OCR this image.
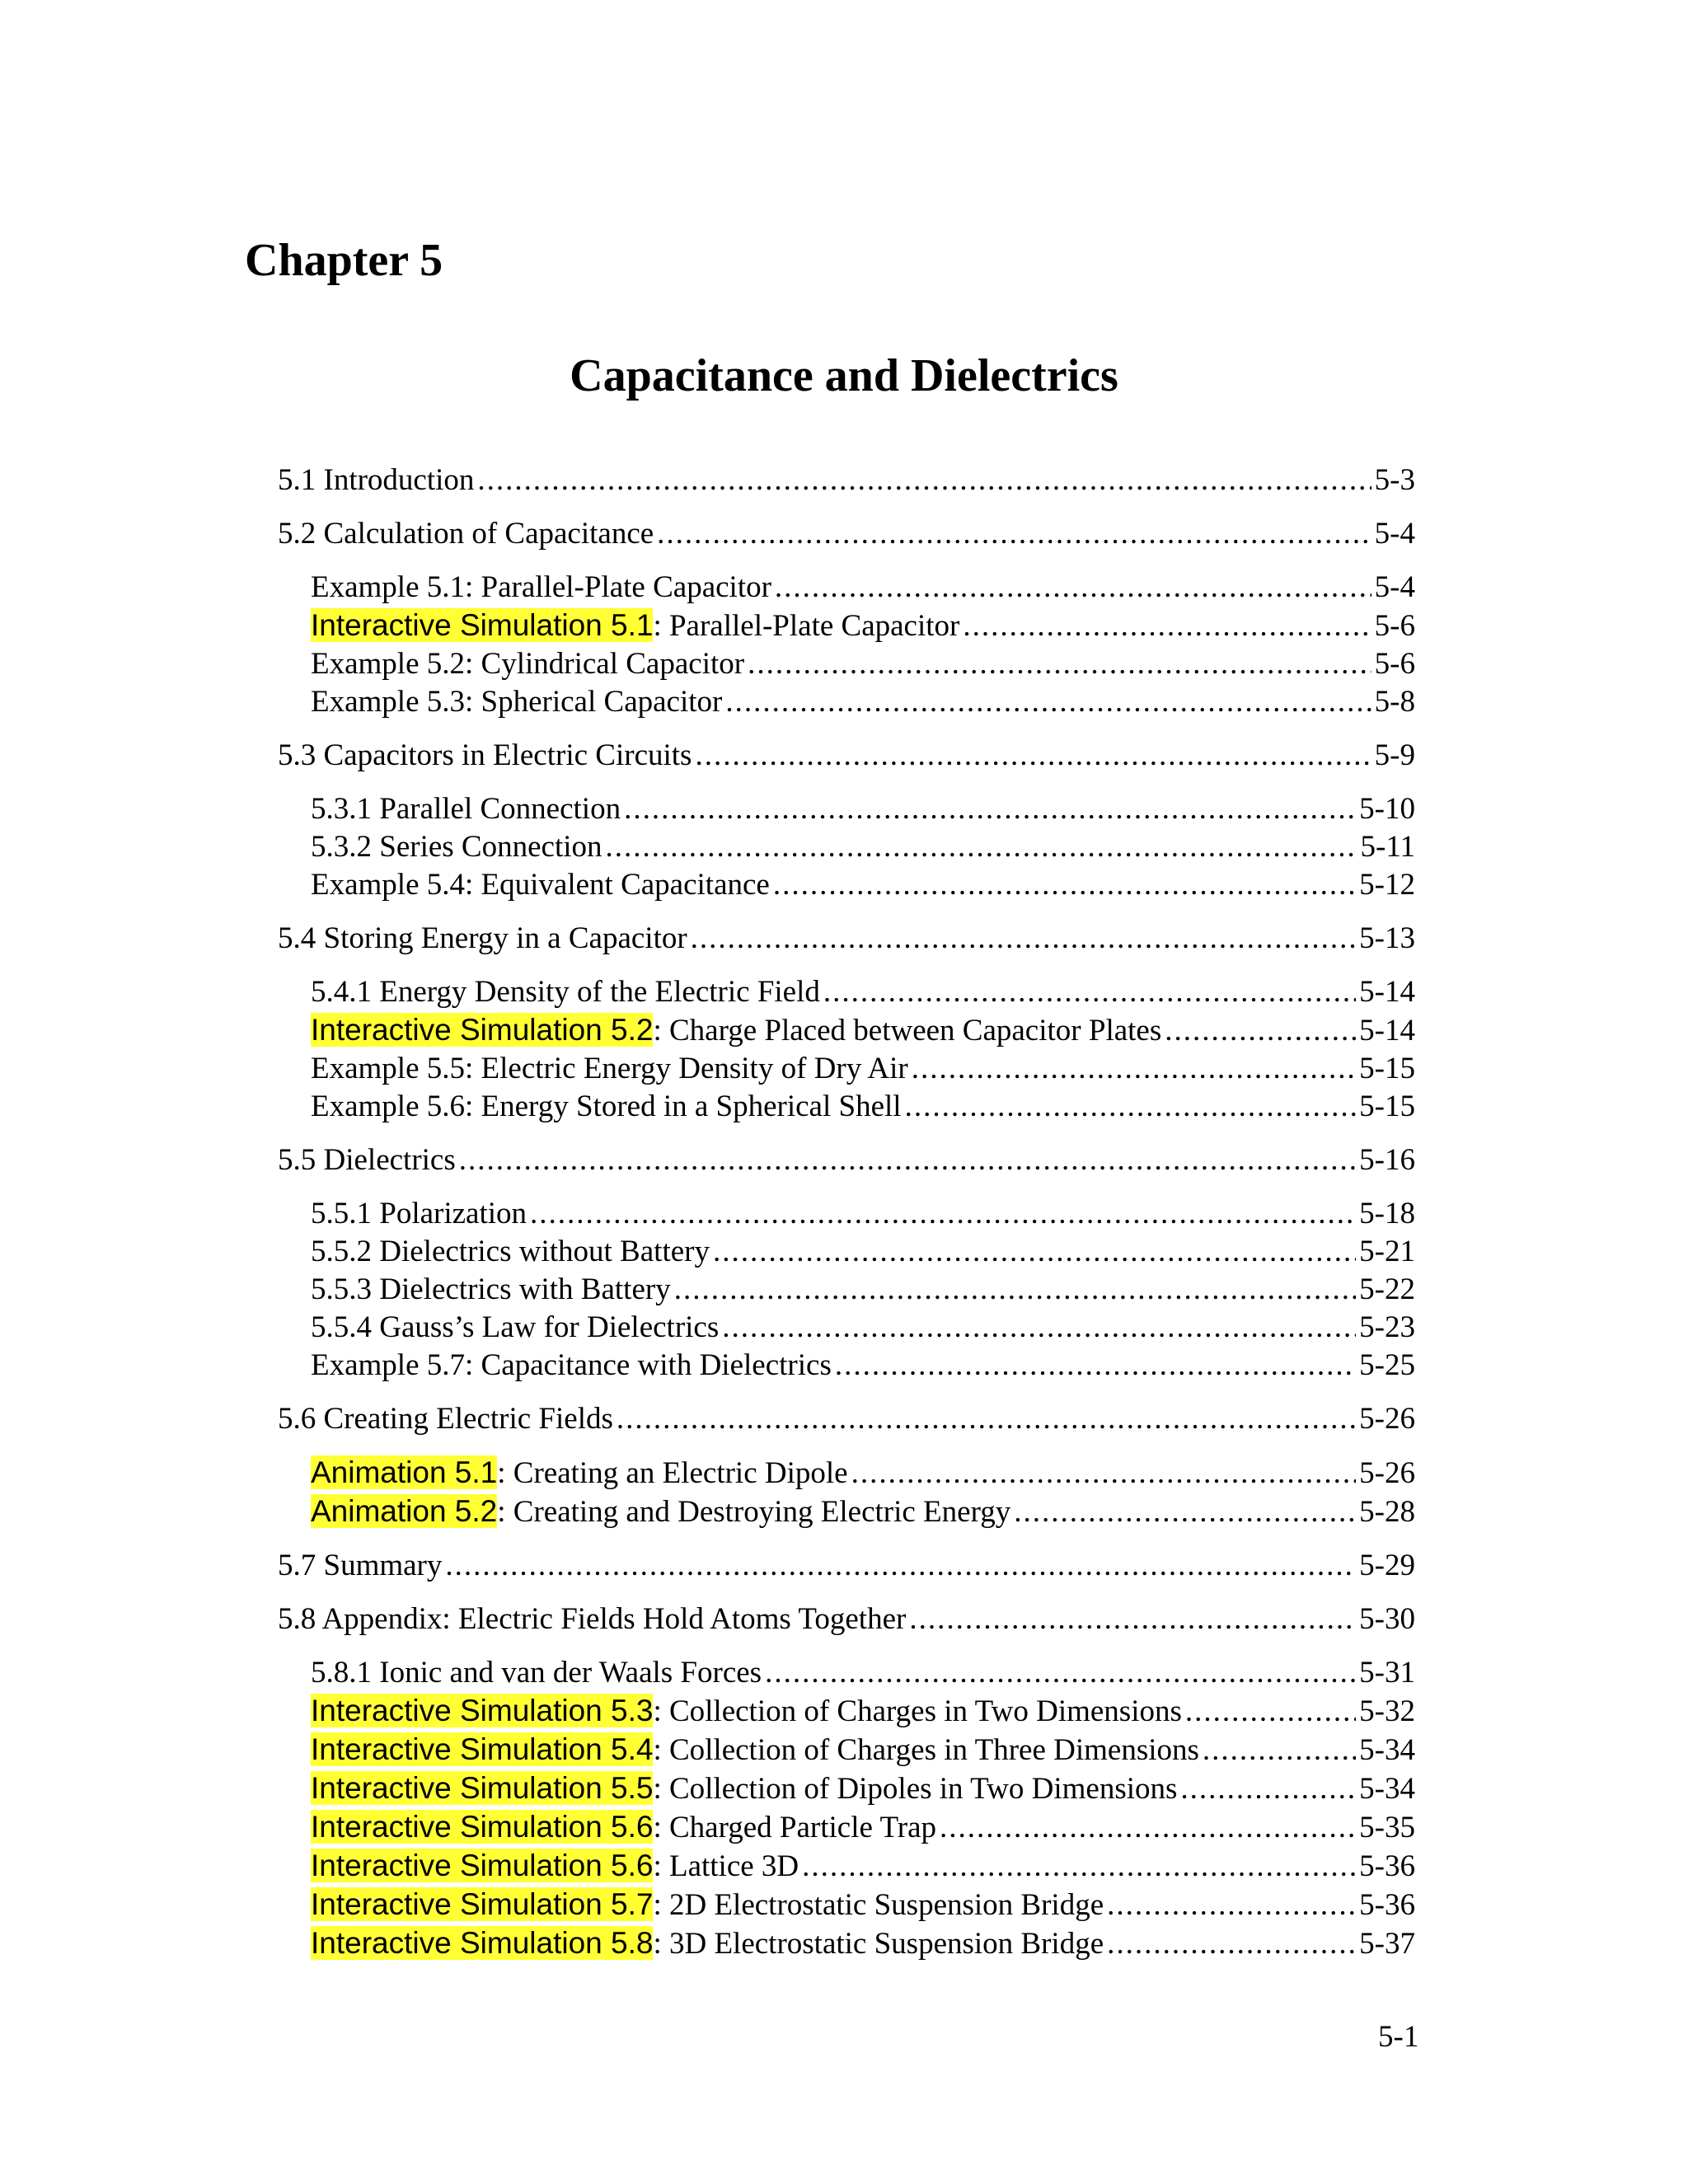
Chapter 5
Capacitance and Dielectrics
5.1 Introduction .....	5-3
5.2 Calculation of Capacitance .....	5-4
Example 5.1: Parallel-Plate Capacitor .....	5-4
Interactive Simulation 5.1: Parallel-Plate Capacitor .....	5-6
Example 5.2: Cylindrical Capacitor .....	5-6
Example 5.3: Spherical Capacitor .....	5-8
5.3 Capacitors in Electric Circuits .....	5-9
5.3.1 Parallel Connection .....	5-10
5.3.2 Series Connection .....	5-11
Example 5.4: Equivalent Capacitance .....	5-12
5.4 Storing Energy in a Capacitor .....	5-13
5.4.1 Energy Density of the Electric Field .....	5-14
Interactive Simulation 5.2: Charge Placed between Capacitor Plates .....	5-14
Example 5.5: Electric Energy Density of Dry Air .....	5-15
Example 5.6: Energy Stored in a Spherical Shell .....	5-15
5.5 Dielectrics .....	5-16
5.5.1 Polarization .....	5-18
5.5.2 Dielectrics without Battery .....	5-21
5.5.3 Dielectrics with Battery .....	5-22
5.5.4 Gauss’s Law for Dielectrics .....	5-23
Example 5.7: Capacitance with Dielectrics .....	5-25
5.6 Creating Electric Fields .....	5-26
Animation 5.1: Creating an Electric Dipole .....	5-26
Animation 5.2: Creating and Destroying Electric Energy .....	5-28
5.7 Summary .....	5-29
5.8 Appendix: Electric Fields Hold Atoms Together .....	5-30
5.8.1 Ionic and van der Waals Forces .....	5-31
Interactive Simulation 5.3: Collection of Charges in Two Dimensions .....	5-32
Interactive Simulation 5.4: Collection of Charges in Three Dimensions .....	5-34
Interactive Simulation 5.5: Collection of Dipoles in Two Dimensions .....	5-34
Interactive Simulation 5.6: Charged Particle Trap .....	5-35
Interactive Simulation 5.6: Lattice 3D .....	5-36
Interactive Simulation 5.7: 2D Electrostatic Suspension Bridge .....	5-36
Interactive Simulation 5.8: 3D Electrostatic Suspension Bridge .....	5-37
5-1
